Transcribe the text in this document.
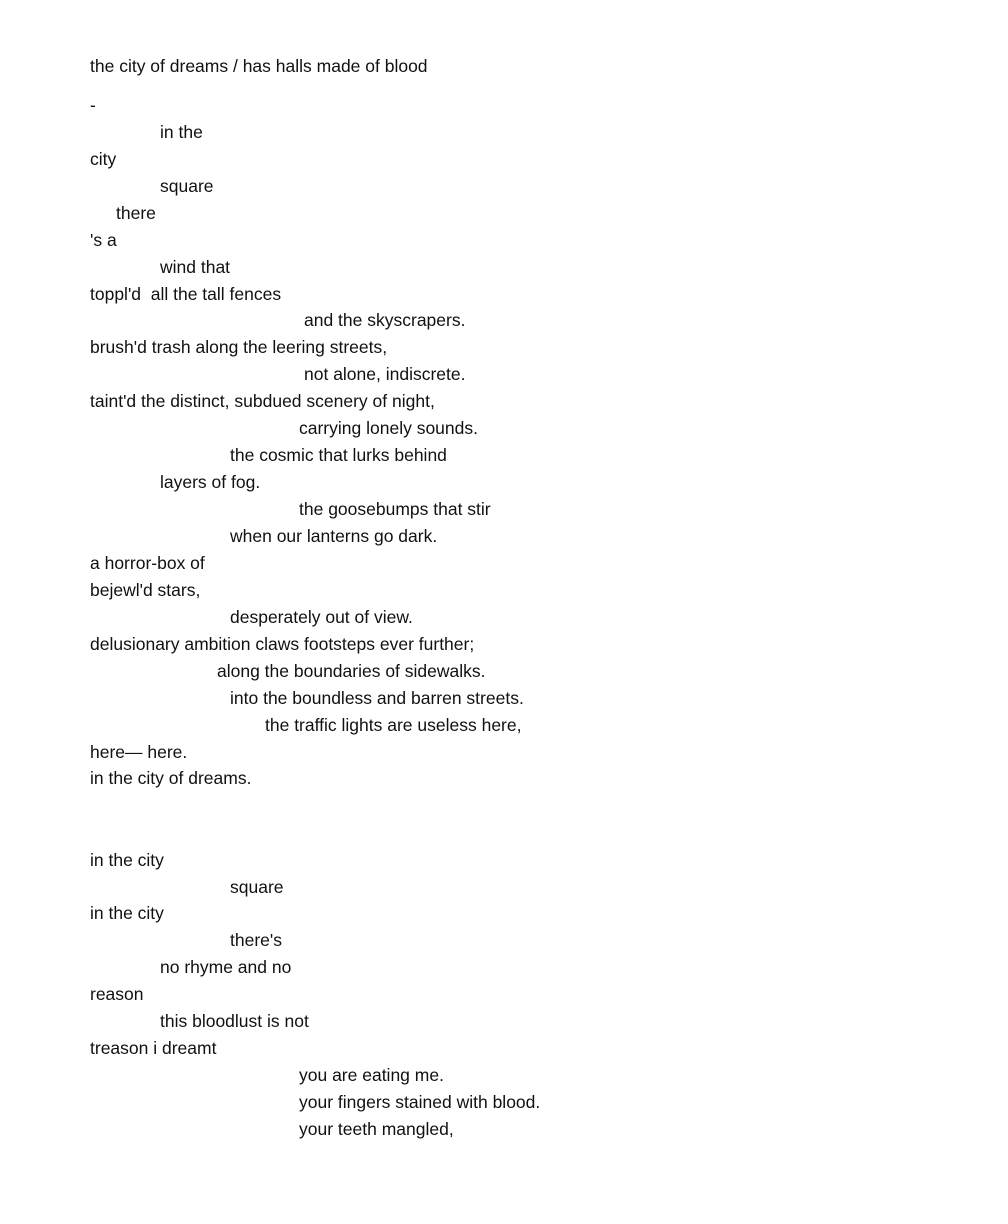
the city of dreams / has halls made of blood

-

in the

city

square

there

's a

wind that

toppl'd  all the tall fences

and the skyscrapers.

brush'd trash along the leering streets,

not alone, indiscrete.

taint'd the distinct, subdued scenery of night,

carrying lonely sounds.

the cosmic that lurks behind

layers of fog.

the goosebumps that stir

when our lanterns go dark.

a horror-box of

bejewl'd stars,

desperately out of view.

delusionary ambition claws footsteps ever further;

along the boundaries of sidewalks.

into the boundless and barren streets.

the traffic lights are useless here,

here— here.

in the city of dreams.

in the city

square

in the city

there's

no rhyme and no

reason

this bloodlust is not

treason i dreamt

you are eating me.

your fingers stained with blood.

your teeth mangled,
